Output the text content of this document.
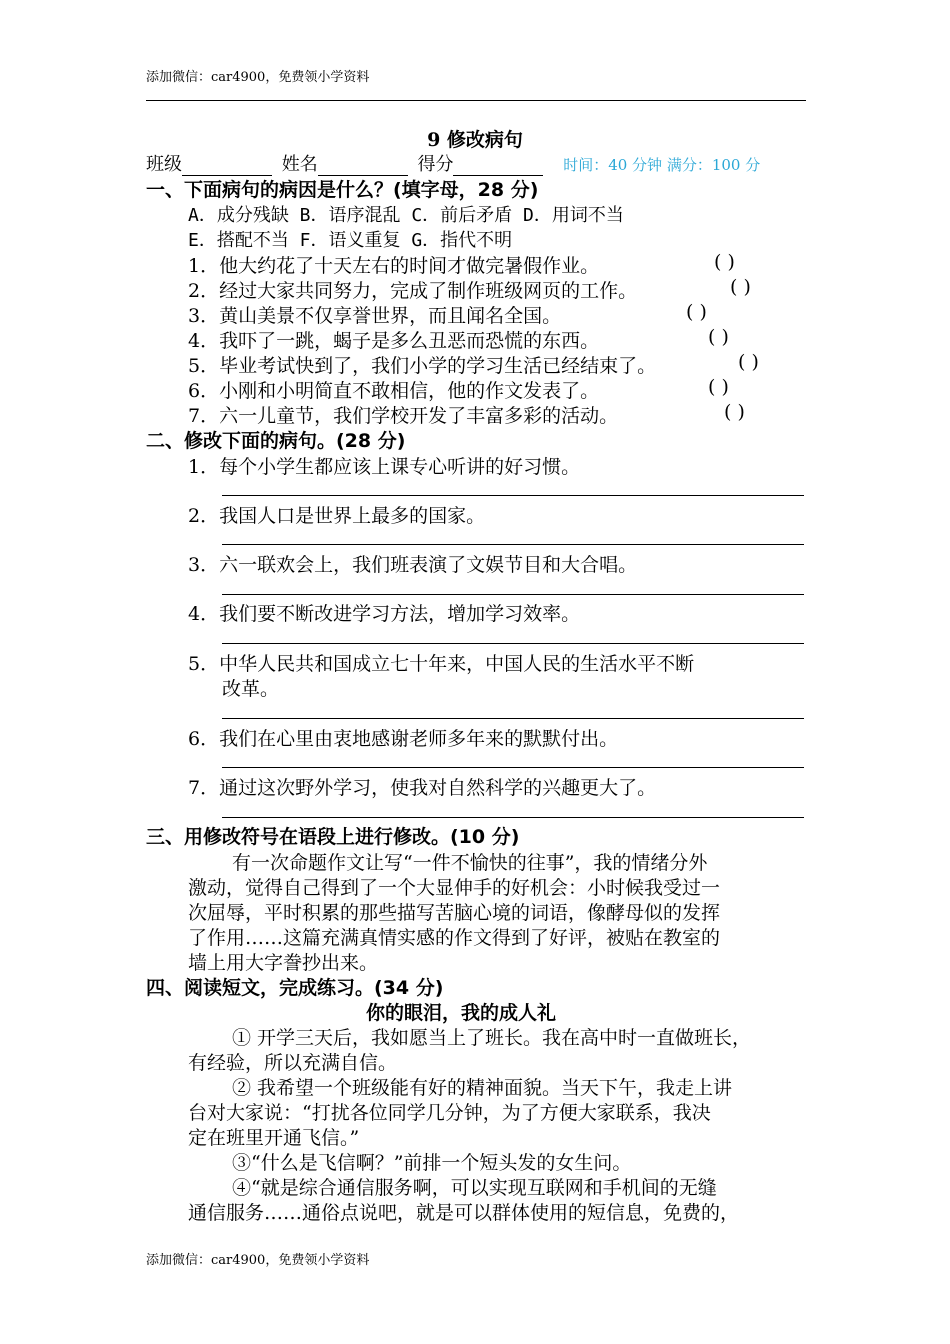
添加微信：car4900，免费领小学资料
9 修改病句
班级	姓名	得分	时间：40 分钟 满分：100 分
一、下面病句的病因是什么？(填字母，28 分)
A．成分残缺 B．语序混乱 C．前后矛盾 D．用词不当
E．搭配不当 F．语义重复 G．指代不明
1．他大约花了十天左右的时间才做完暑假作业。	( )
2．经过大家共同努力，完成了制作班级网页的工作。	( )
3．黄山美景不仅享誉世界，而且闻名全国。	( )
4．我吓了一跳，蝎子是多么丑恶而恐慌的东西。	( )
5．毕业考试快到了，我们小学的学习生活已经结束了。	( )
6．小刚和小明简直不敢相信，他的作文发表了。	( )
7．六一儿童节，我们学校开发了丰富多彩的活动。	( )
二、修改下面的病句。(28 分)
1．每个小学生都应该上课专心听讲的好习惯。
2．我国人口是世界上最多的国家。
3．六一联欢会上，我们班表演了文娱节目和大合唱。
4．我们要不断改进学习方法，增加学习效率。
5．中华人民共和国成立七十年来，中国人民的生活水平不断
改革。
6．我们在心里由衷地感谢老师多年来的默默付出。
7．通过这次野外学习，使我对自然科学的兴趣更大了。
三、用修改符号在语段上进行修改。(10 分)
有一次命题作文让写“一件不愉快的往事”，我的情绪分外
激动，觉得自己得到了一个大显伸手的好机会：小时候我受过一
次屈辱，平时积累的那些描写苦脑心境的词语，像酵母似的发挥
了作用……这篇充满真情实感的作文得到了好评，被贴在教室的
墙上用大字誊抄出来。
四、阅读短文，完成练习。(34 分)
你的眼泪，我的成人礼
① 开学三天后，我如愿当上了班长。我在高中时一直做班长，
有经验，所以充满自信。
② 我希望一个班级能有好的精神面貌。当天下午，我走上讲
台对大家说：“打扰各位同学几分钟，为了方便大家联系，我决
定在班里开通飞信。”
③“什么是飞信啊？”前排一个短头发的女生问。
④“就是综合通信服务啊，可以实现互联网和手机间的无缝
通信服务……通俗点说吧，就是可以群体使用的短信息，免费的，
添加微信：car4900，免费领小学资料
